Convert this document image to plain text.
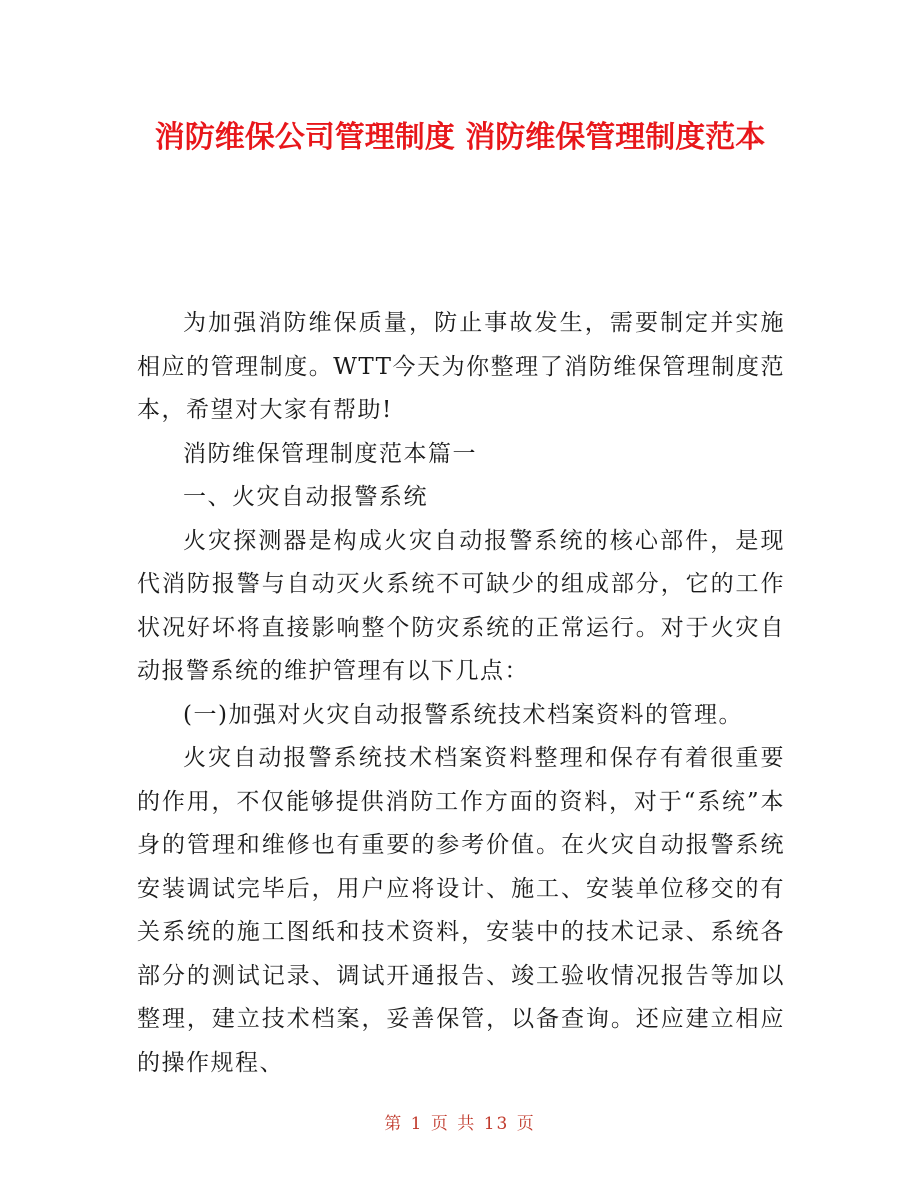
消防维保公司管理制度 消防维保管理制度范本

为加强消防维保质量，防止事故发生，需要制定并实施相应的管理制度。WTT今天为你整理了消防维保管理制度范本，希望对大家有帮助!

消防维保管理制度范本篇一

一、火灾自动报警系统

火灾探测器是构成火灾自动报警系统的核心部件，是现代消防报警与自动灭火系统不可缺少的组成部分，它的工作状况好坏将直接影响整个防灾系统的正常运行。对于火灾自动报警系统的维护管理有以下几点：

(一)加强对火灾自动报警系统技术档案资料的管理。

火灾自动报警系统技术档案资料整理和保存有着很重要的作用，不仅能够提供消防工作方面的资料，对于“系统”本身的管理和维修也有重要的参考价值。在火灾自动报警系统安装调试完毕后，用户应将设计、施工、安装单位移交的有关系统的施工图纸和技术资料，安装中的技术记录、系统各部分的测试记录、调试开通报告、竣工验收情况报告等加以整理，建立技术档案，妥善保管，以备查询。还应建立相应的操作规程、

第 1 页 共 13 页
